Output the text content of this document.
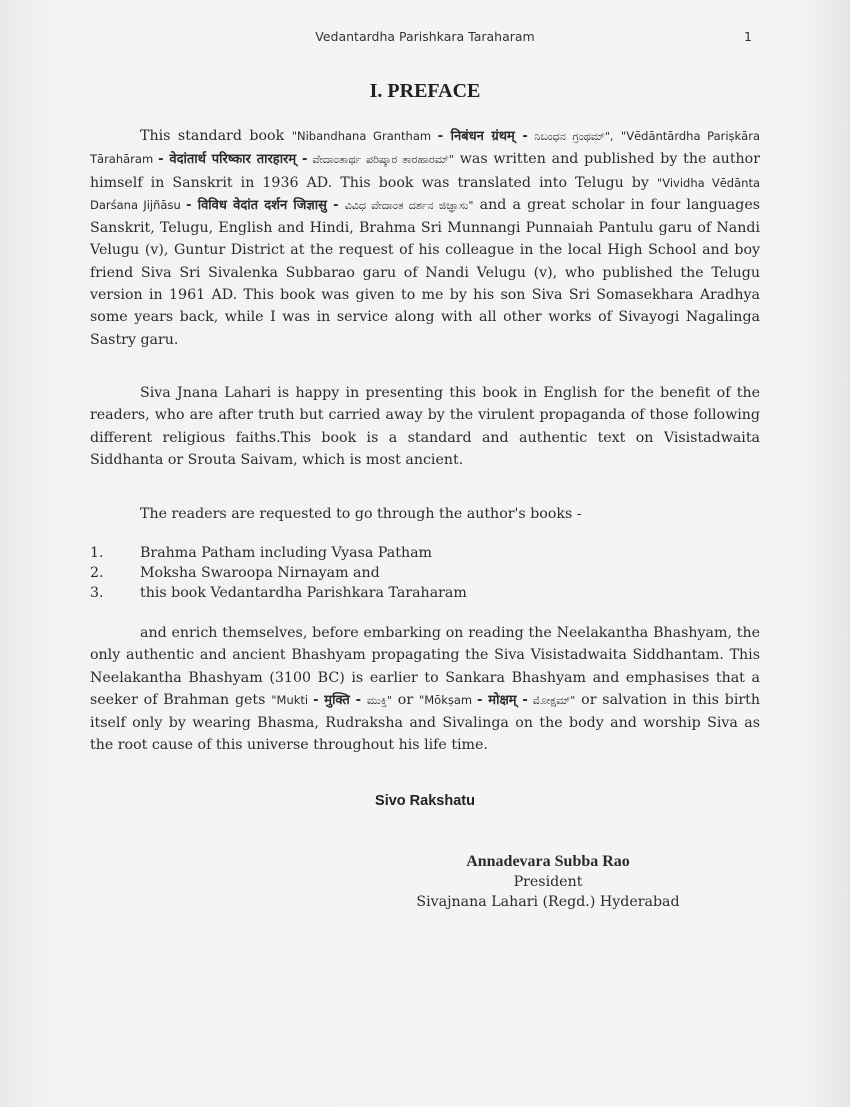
Vedantardha Parishkara Taraharam	1
I. PREFACE

This standard book "Nibandhana Grantham - निबंधन ग्रंथम् - ನಿಬಂಧನ ಗ್ರಂಥಮ್", "Vēdāntārdha Pariṣkāra Tārahāram - वेदांतार्थ परिष्कार तारहारम् - ವೇದಾಂತಾರ್ಥ ಪರಿಷ್ಕಾರ ತಾರಹಾರಮ್" was written and published by the author himself in Sanskrit in 1936 AD. This book was translated into Telugu by "Vividha Vēdānta Darśana Jijñāsu - विविध वेदांत दर्शन जिज्ञासु - ವಿವಿಧ ವೇದಾಂತ ದರ್ಶನ ಜಿಜ್ಞಾಸು" and a great scholar in four languages Sanskrit, Telugu, English and Hindi, Brahma Sri Munnangi Punnaiah Pantulu garu of Nandi Velugu (v), Guntur District at the request of his colleague in the local High School and boy friend Siva Sri Sivalenka Subbarao garu of Nandi Velugu (v), who published the Telugu version in 1961 AD. This book was given to me by his son Siva Sri Somasekhara Aradhya some years back, while I was in service along with all other works of Sivayogi Nagalinga Sastry garu.

Siva Jnana Lahari is happy in presenting this book in English for the benefit of the readers, who are after truth but carried away by the virulent propaganda of those following different religious faiths.This book is a standard and authentic text on Visistadwaita Siddhanta or Srouta Saivam, which is most ancient.

The readers are requested to go through the author's books -

1.	Brahma Patham including Vyasa Patham
2.	Moksha Swaroopa Nirnayam and
3.	this book Vedantardha Parishkara Taraharam

and enrich themselves, before embarking on reading the Neelakantha Bhashyam, the only authentic and ancient Bhashyam propagating the Siva Visistadwaita Siddhantam. This Neelakantha Bhashyam (3100 BC) is earlier to Sankara Bhashyam and emphasises that a seeker of Brahman gets "Mukti - मुक्ति - ಮುಕ್ತಿ" or "Mōkṣam - मोक्षम् - ಮೋಕ್ಷಮ್" or salvation in this birth itself only by wearing Bhasma, Rudraksha and Sivalinga on the body and worship Siva as the root cause of this universe throughout his life time.

Sivo Rakshatu
Annadevara Subba Rao
President
Sivajnana Lahari (Regd.) Hyderabad
